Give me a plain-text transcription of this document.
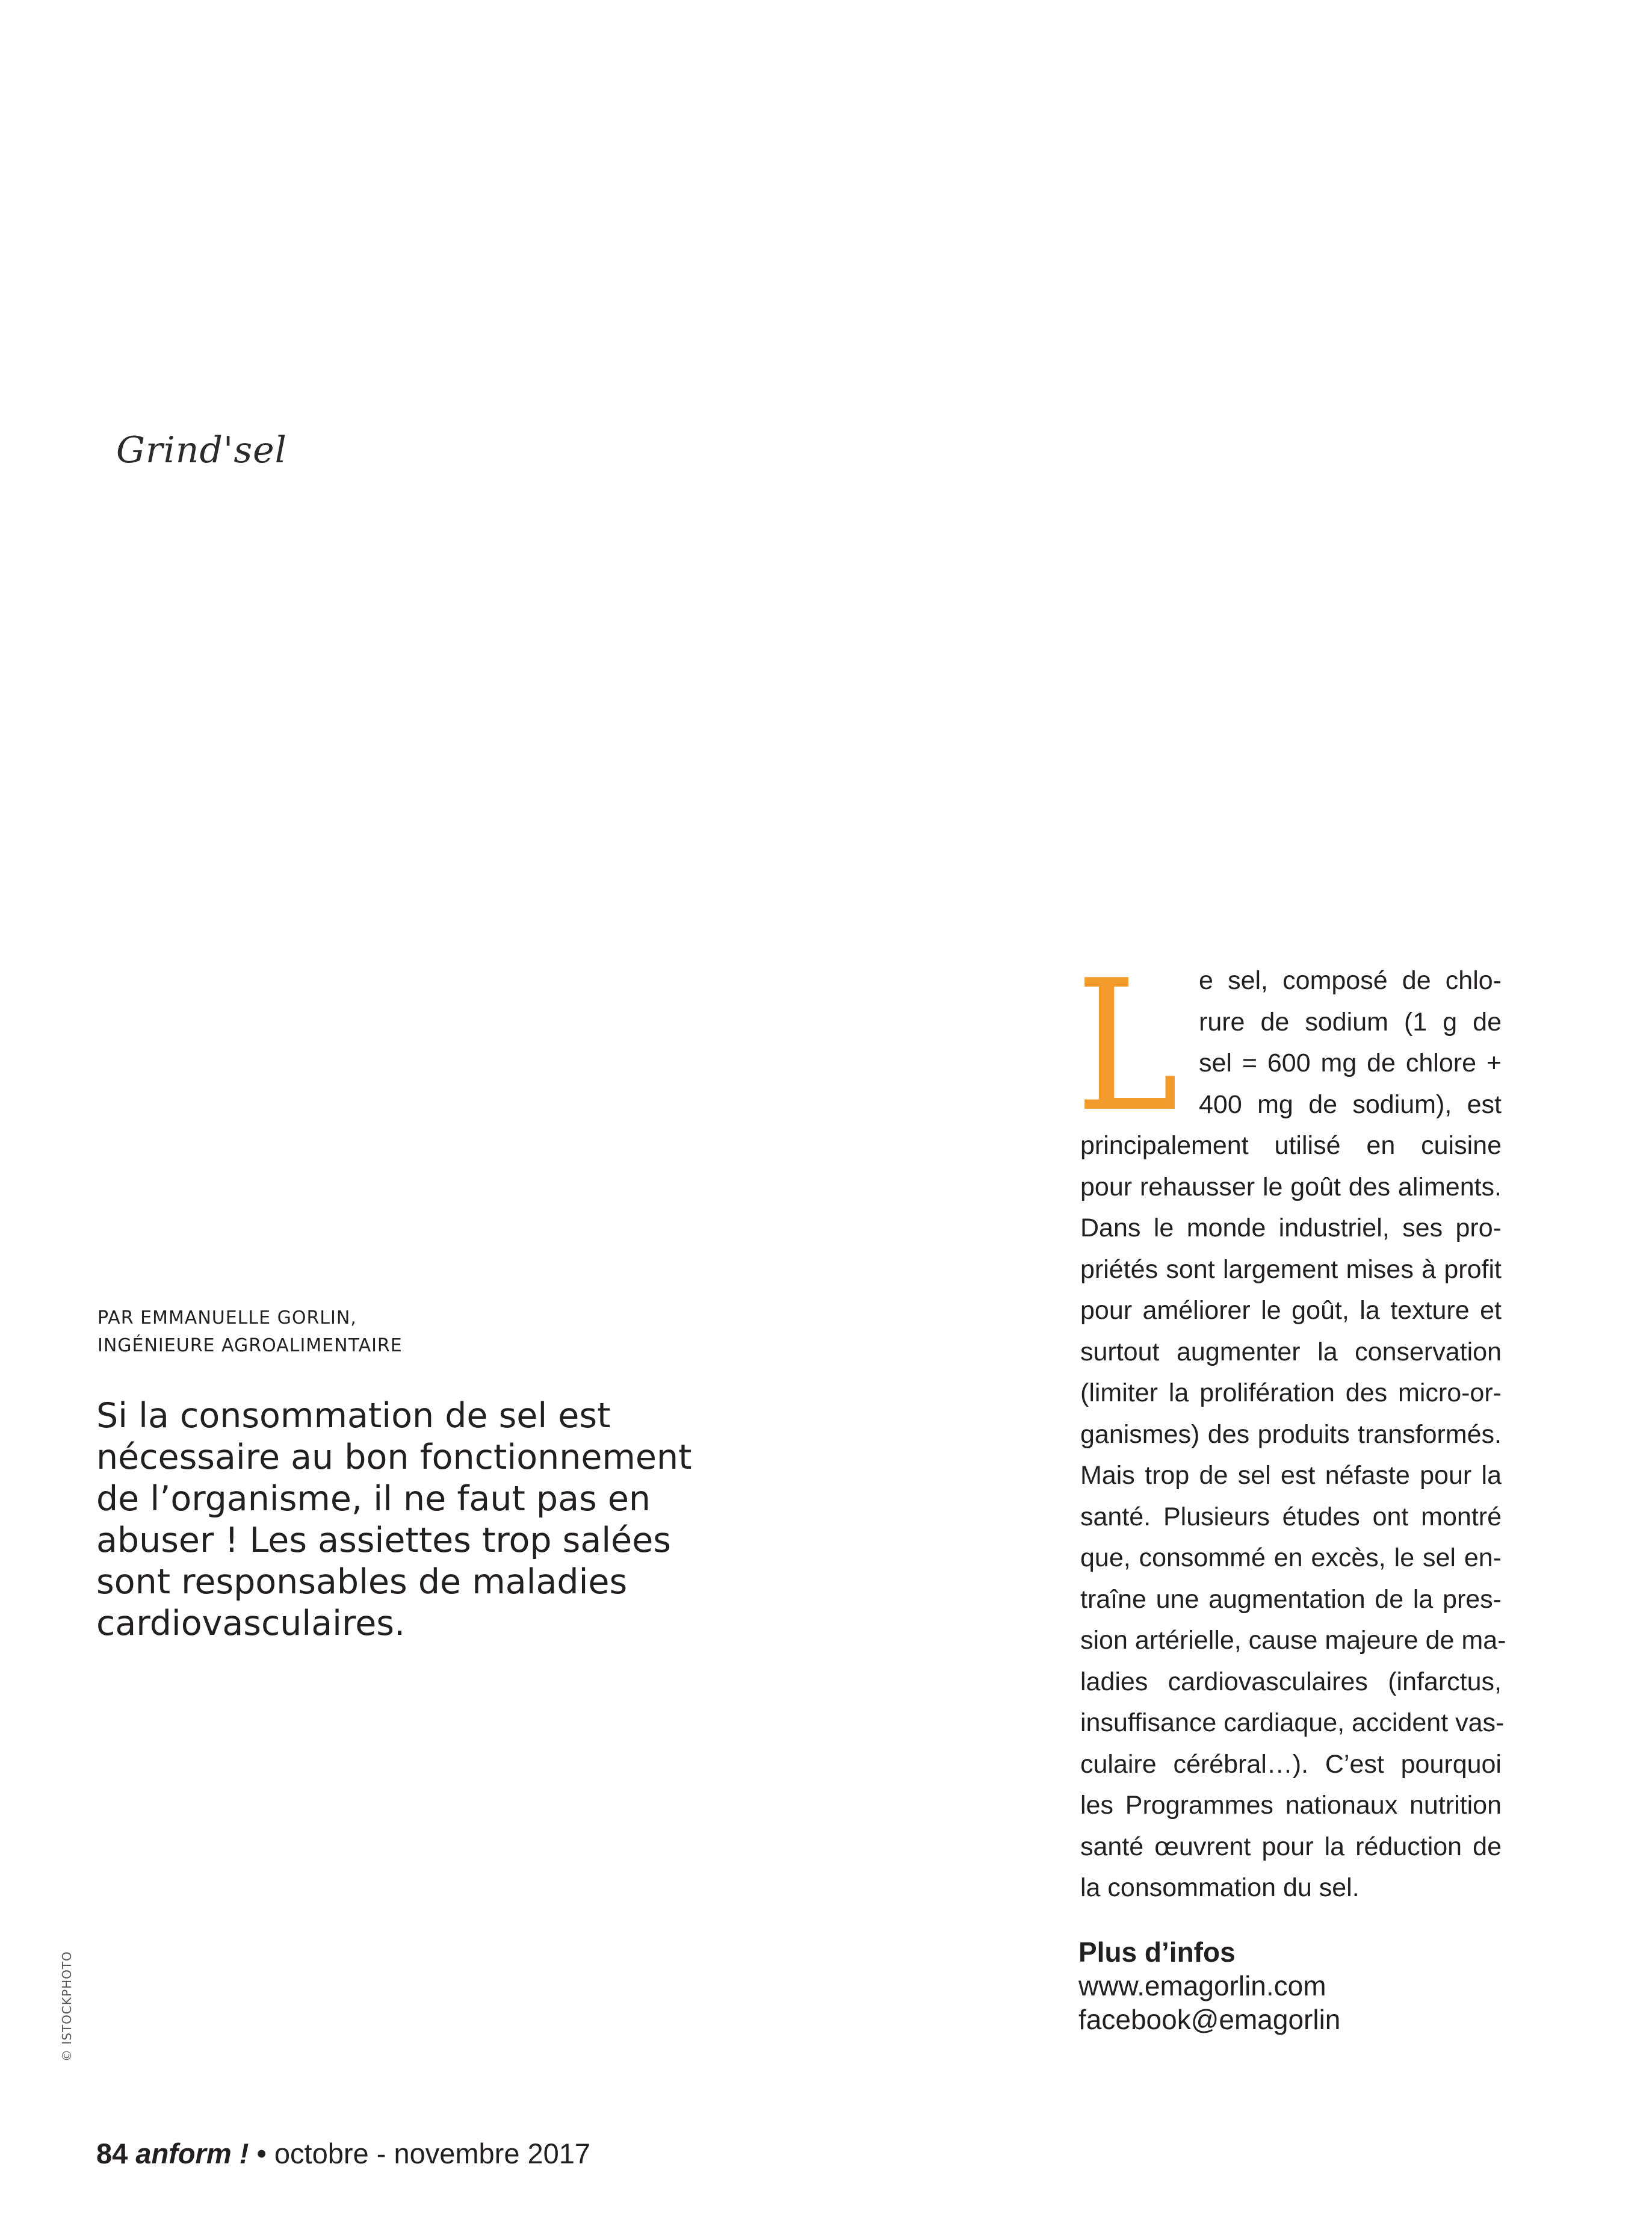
Grind'sel
PAR EMMANUELLE GORLIN,
INGÉNIEURE AGROALIMENTAIRE
Si la consommation de sel est
nécessaire au bon fonctionnement
de l’organisme, il ne faut pas en
abuser ! Les assiettes trop salées
sont responsables de maladies
cardiovasculaires.
L e sel, composé de chlo-
rure de sodium (1 g de
sel = 600 mg de chlore +
400 mg de sodium), est
principalement utilisé en cuisine
pour rehausser le goût des aliments.
Dans le monde industriel, ses pro-
priétés sont largement mises à profit
pour améliorer le goût, la texture et
surtout augmenter la conservation
(limiter la prolifération des micro-or-
ganismes) des produits transformés.
Mais trop de sel est néfaste pour la
santé. Plusieurs études ont montré
que, consommé en excès, le sel en-
traîne une augmentation de la pres-
sion artérielle, cause majeure de ma-
ladies cardiovasculaires (infarctus,
insuffisance cardiaque, accident vas-
culaire cérébral…). C’est pourquoi
les Programmes nationaux nutrition
santé œuvrent pour la réduction de
la consommation du sel.
Plus d’infos
www.emagorlin.com
facebook@emagorlin
© ISTOCKPHOTO
84 anform ! • octobre - novembre 2017
